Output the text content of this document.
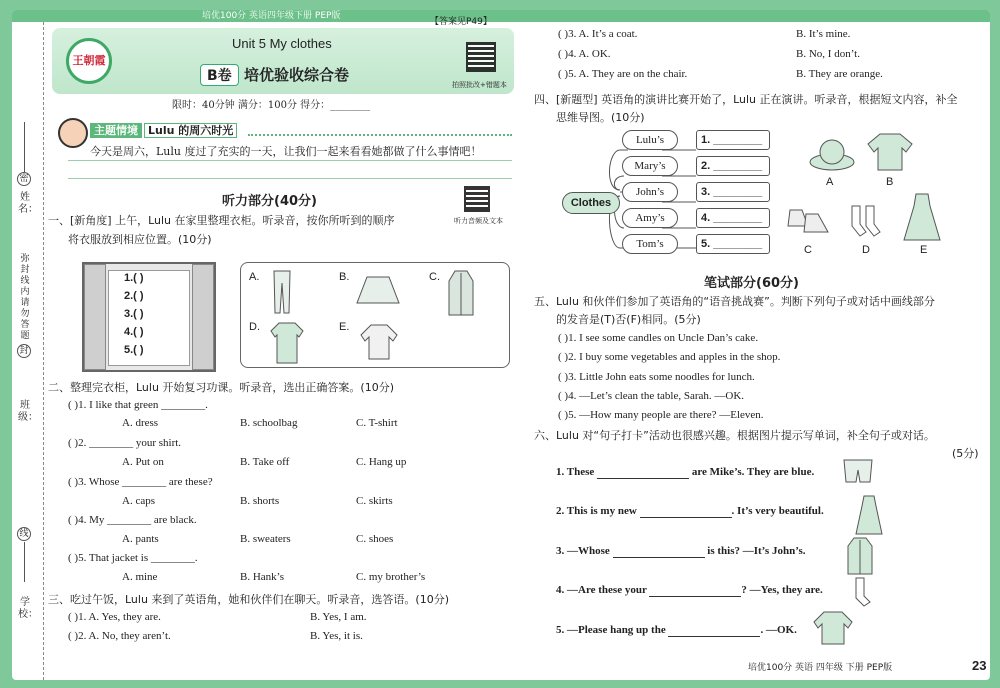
培优100分 英语四年级下册 PEP版
姓名：
密
弥封线内请勿答题
封
班级：
线
学校：
王朝霞
Unit 5 My clothes
B卷 培优验收综合卷
拍照批改+错题本
【答案见P49】
限时：40分钟 满分：100分 得分：________
主题情境 Lulu 的周六时光
今天是周六，Lulu 度过了充实的一天，让我们一起来看看她都做了什么事情吧！
听力部分(40分)
听力音频及文本
一、[新角度] 上午，Lulu 在家里整理衣柜。听录音，按你所听到的顺序
将衣服放到相应位置。(10分)
1.( )
2.( )
3.( )
4.( )
5.( )
A.	B.	C.
D.	E.
二、整理完衣柜，Lulu 开始复习功课。听录音，选出正确答案。(10分)
( )1. I like that green ________.
A. dress	B. schoolbag	C. T-shirt
( )2. ________ your shirt.
A. Put on	B. Take off	C. Hang up
( )3. Whose ________ are these?
A. caps	B. shorts	C. skirts
( )4. My ________ are black.
A. pants	B. sweaters	C. shoes
( )5. That jacket is ________.
A. mine	B. Hank’s	C. my brother’s
三、吃过午饭，Lulu 来到了英语角，她和伙伴们在聊天。听录音，选答语。(10分)
( )1. A. Yes, they are.	B. Yes, I am.
( )2. A. No, they aren’t.	B. Yes, it is.
( )3. A. It’s a coat.	B. It’s mine.
( )4. A. OK.	B. No, I don’t.
( )5. A. They are on the chair.	B. They are orange.
四、[新题型] 英语角的演讲比赛开始了，Lulu 正在演讲。听录音，根据短文内容，补全
思维导图。(10分)
Clothes
Lulu’s
Mary’s
John’s
Amy’s
Tom’s
1. ________
2. ________
3. ________
4. ________
5. ________
A	B
C	D	E
笔试部分(60分)
五、Lulu 和伙伴们参加了英语角的“语音挑战赛”。判断下列句子或对话中画线部分
的发音是(T)否(F)相同。(5分)
( )1. I see some candles on Uncle Dan’s cake.
( )2. I buy some vegetables and apples in the shop.
( )3. Little John eats some noodles for lunch.
( )4. —Let’s clean the table, Sarah. —OK.
( )5. —How many people are there? —Eleven.
六、Lulu 对“句子打卡”活动也很感兴趣。根据图片提示写单词，补全句子或对话。
(5分)
1. These	are Mike’s. They are blue.
2. This is my new	. It’s very beautiful.
3. —Whose	is this? —It’s John’s.
4. —Are these your	? —Yes, they are.
5. —Please hang up the	. —OK.
培优100分 英语 四年级 下册 PEP版	23
